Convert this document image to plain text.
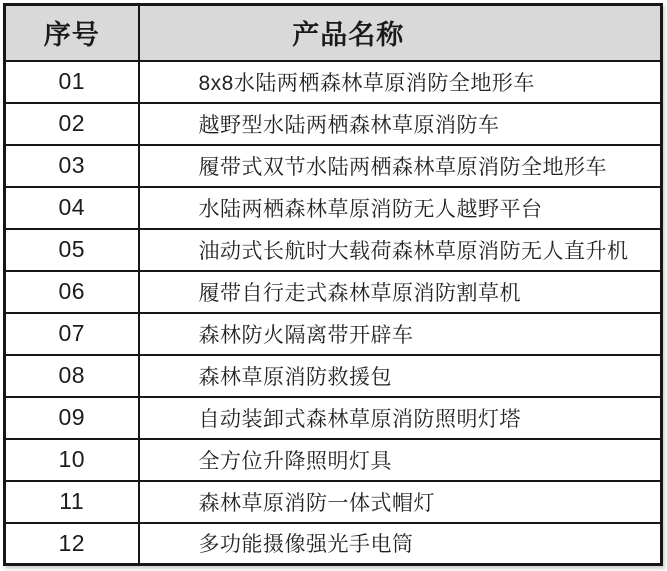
序号	产品名称
01	8x8水陆两栖森林草原消防全地形车
02	越野型水陆两栖森林草原消防车
03	履带式双节水陆两栖森林草原消防全地形车
04	水陆两栖森林草原消防无人越野平台
05	油动式长航时大载荷森林草原消防无人直升机
06	履带自行走式森林草原消防割草机
07	森林防火隔离带开辟车
08	森林草原消防救援包
09	自动装卸式森林草原消防照明灯塔
10	全方位升降照明灯具
11	森林草原消防一体式帽灯
12	多功能摄像强光手电筒
